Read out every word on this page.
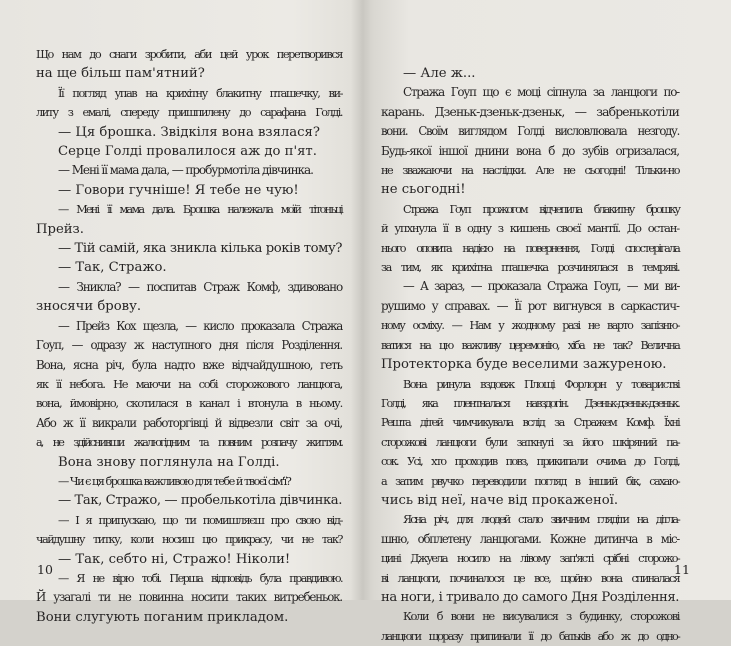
Що нам до снаги зробити, аби цей урок перетворився
на ще більш пам'ятний?
Її погляд упав на крихітну блакитну пташечку, ви-
литу з емалі, спереду пришпилену до сарафана Голді.
— Ця брошка. Звідкіля вона взялася?
Серце Голді провалилося аж до п'ят.
— Мені її мама дала, — пробурмотіла дівчинка.
— Говори гучніше! Я тебе не чую!
— Мені її мама дала. Брошка належала моїй тітоньці
Прейз.
— Тій самій, яка зникла кілька років тому?
— Так, Стражо.
— Зникла? — поспитав Страж Комф, здивовано
зносячи брову.
— Прейз Кох щезла, — кисло проказала Стража
Гоуп, — одразу ж наступного дня після Розділення.
Вона, ясна річ, була надто вже відчайдушною, геть
як її небога. Не маючи на собі сторожового ланцюга,
вона, ймовірно, скотилася в канал і втонула в ньому.
Або ж її викрали работоргівці й відвезли світ за очі,
а, не здійснивши жалюгідним та повним розпачу життям.
Вона знову поглянула на Голді.
— Чи є ця брошка важливою для тебе й твоєї сім'ї?
— Так, Стражо, — пробелькотіла дівчинка.
— І я припускаю, що ти помишляєш про свою від-
чайдушну титку, коли носиш цю прикрасу, чи не так?
— Так, себто ні, Стражо! Ніколи!
— Я не вірю тобі. Перша відповідь була правдивою.
Й узагалі ти не повинна носити таких витребеньок.
Вони слугують поганим прикладом.
10
— Але ж...
Стража Гоуп що є моці сіпнула за ланцюги по-
карань. Дзеньк-дзеньк-дзеньк, — забренькотіли
вони. Своїм виглядом Голді висловлювала незгоду.
Будь-якої іншої днини вона б до зубів огризалася,
не зважаючи на наслідки. Але не сьогодні! Тільки-но
не сьогодні!
Стража Гоуп прожогом відчепила блакитну брошку
й упхнула її в одну з кишень своєї мантії. До остан-
нього оповита надією на повернення, Голді спостерігала
за тим, як крихітна пташечка розчинялася в темряві.
— А зараз, — проказала Стража Гоуп, — ми ви-
рушимо у справах. — Її рот вигнувся в саркастич-
ному осміху. — Нам у жодному разі не варто запізню-
ватися на цю важливу церемонію, хіба не так? Велична
Протекторка буде веселими зажуреною.
Вона ринула вздовж Площі Форлорн у товаристві
Голді, яка плентналася навздогін. Дзеньк-дзеньк-дзеньк.
Решта дітей чимчикувала вслід за Стражем Комф. Їхні
сторожові ланцюги були заткнуті за його шкіряний па-
сок. Усі, хто проходив повз, прикипали очима до Голді,
а затим рвучко переводили погляд в інший бік, сахаю-
чись від неї, наче від прокаженої.
Ясна річ, для людей стало звичним глядіти на дітла-
шню, обплетену ланцюгами. Кожне дитинча в міс-
цині Джуела носило на лівому зап'ясті срібні сторожо-
ві ланцюги, починалося це все, щойно вона спиналася
на ноги, і тривало до самого Дня Розділення.
Коли б вони не висувалися з будинку, сторожові
ланцюги щоразу припинали її до батьків або ж до одно-
11
